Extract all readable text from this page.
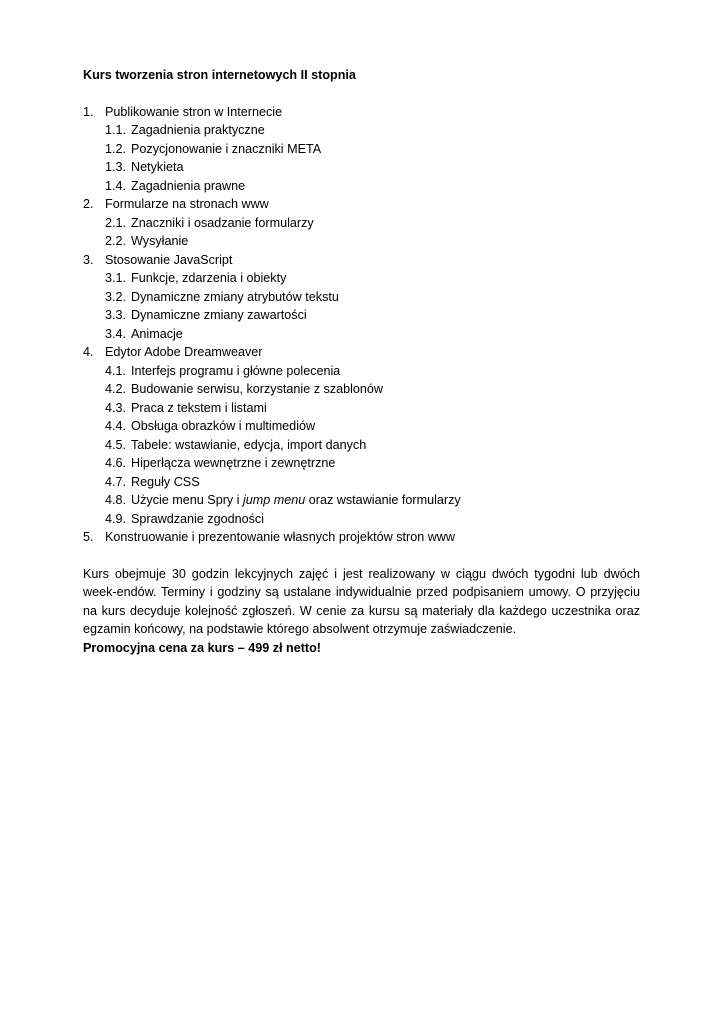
Kurs tworzenia stron internetowych II stopnia

1. Publikowanie stron w Internecie
1.1. Zagadnienia praktyczne
1.2. Pozycjonowanie i znaczniki META
1.3. Netykieta
1.4. Zagadnienia prawne
2. Formularze na stronach www
2.1. Znaczniki i osadzanie formularzy
2.2. Wysyłanie
3. Stosowanie JavaScript
3.1. Funkcje, zdarzenia i obiekty
3.2. Dynamiczne zmiany atrybutów tekstu
3.3. Dynamiczne zmiany zawartości
3.4. Animacje
4. Edytor Adobe Dreamweaver
4.1. Interfejs programu i główne polecenia
4.2. Budowanie serwisu, korzystanie z szablonów
4.3. Praca z tekstem i listami
4.4. Obsługa obrazków i multimediów
4.5. Tabele: wstawianie, edycja, import danych
4.6. Hiperłącza wewnętrzne i zewnętrzne
4.7. Reguły CSS
4.8. Użycie menu Spry i jump menu oraz wstawianie formularzy
4.9. Sprawdzanie zgodności
5. Konstruowanie i prezentowanie własnych projektów stron www

Kurs obejmuje 30 godzin lekcyjnych zajęć i jest realizowany w ciągu dwóch tygodni lub dwóch week-endów. Terminy i godziny są ustalane indywidualnie przed podpisaniem umowy. O przyjęciu na kurs decyduje kolejność zgłoszeń. W cenie za kursu są materiały dla każdego uczestnika oraz egzamin końcowy, na podstawie którego absolwent otrzymuje zaświadczenie.

Promocyjna cena za kurs – 499 zł netto!
